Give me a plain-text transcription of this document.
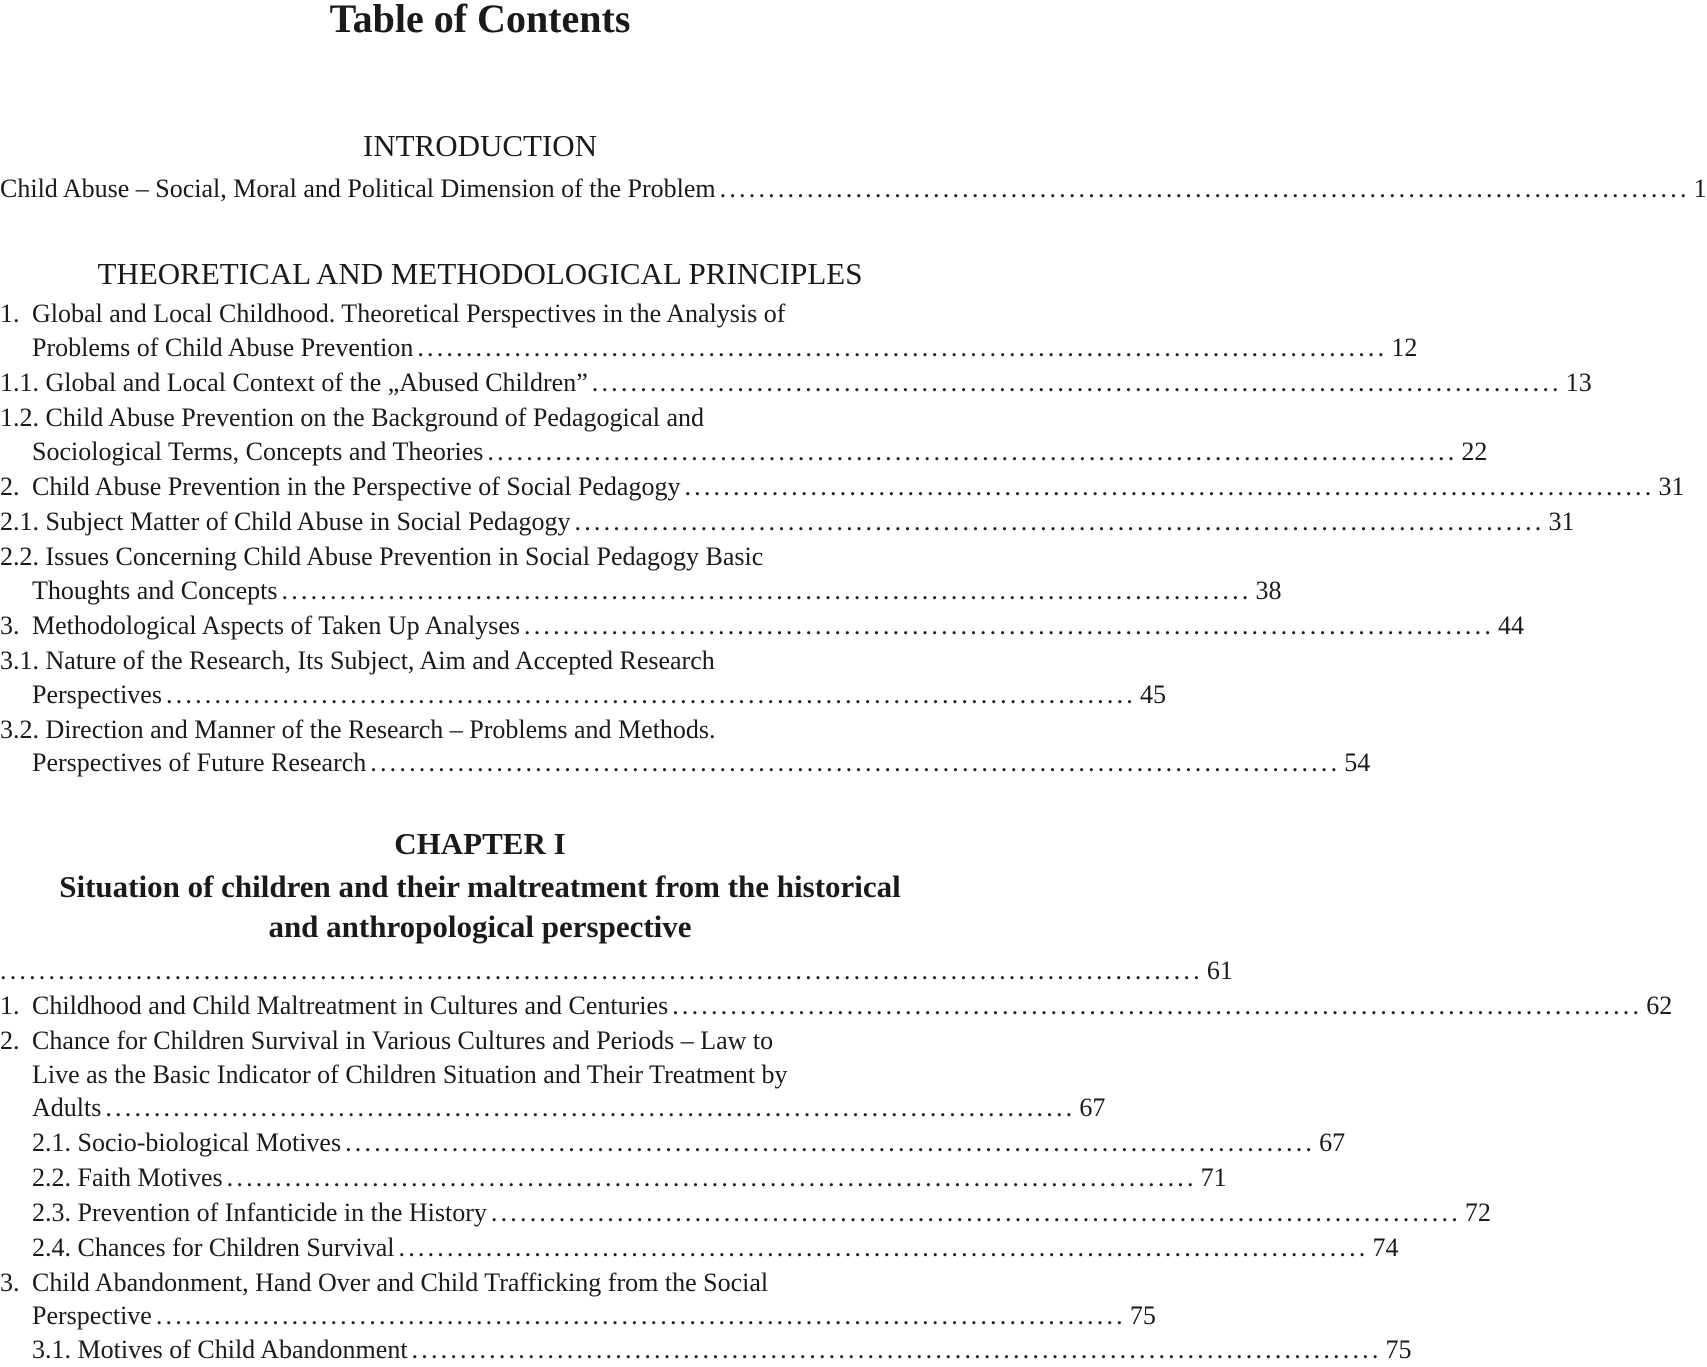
Table of Contents
INTRODUCTION
Child Abuse – Social, Moral and Political Dimension of the Problem .................................................................................................... 1
THEORETICAL AND METHODOLOGICAL PRINCIPLES
1. Global and Local Childhood. Theoretical Perspectives in the Analysis of
Problems of Child Abuse Prevention .................................................................................................... 12
1.1. Global and Local Context of the „Abused Children” .................................................................................................... 13
1.2. Child Abuse Prevention on the Background of Pedagogical and
Sociological Terms, Concepts and Theories .................................................................................................... 22
2. Child Abuse Prevention in the Perspective of Social Pedagogy .................................................................................................... 31
2.1. Subject Matter of Child Abuse in Social Pedagogy .................................................................................................... 31
2.2. Issues Concerning Child Abuse Prevention in Social Pedagogy Basic
Thoughts and Concepts .................................................................................................... 38
3. Methodological Aspects of Taken Up Analyses .................................................................................................... 44
3.1. Nature of the Research, Its Subject, Aim and Accepted Research
Perspectives .................................................................................................... 45
3.2. Direction and Manner of the Research – Problems and Methods.
Perspectives of Future Research .................................................................................................... 54
CHAPTER I
Situation of children and their maltreatment from the historical
and anthropological perspective
............................................................................................................................ 61
1. Childhood and Child Maltreatment in Cultures and Centuries .................................................................................................... 62
2. Chance for Children Survival in Various Cultures and Periods – Law to
Live as the Basic Indicator of Children Situation and Their Treatment by
Adults .................................................................................................... 67
2.1. Socio-biological Motives .................................................................................................... 67
2.2. Faith Motives .................................................................................................... 71
2.3. Prevention of Infanticide in the History .................................................................................................... 72
2.4. Chances for Children Survival .................................................................................................... 74
3. Child Abandonment, Hand Over and Child Trafficking from the Social
Perspective .................................................................................................... 75
3.1. Motives of Child Abandonment .................................................................................................... 75
